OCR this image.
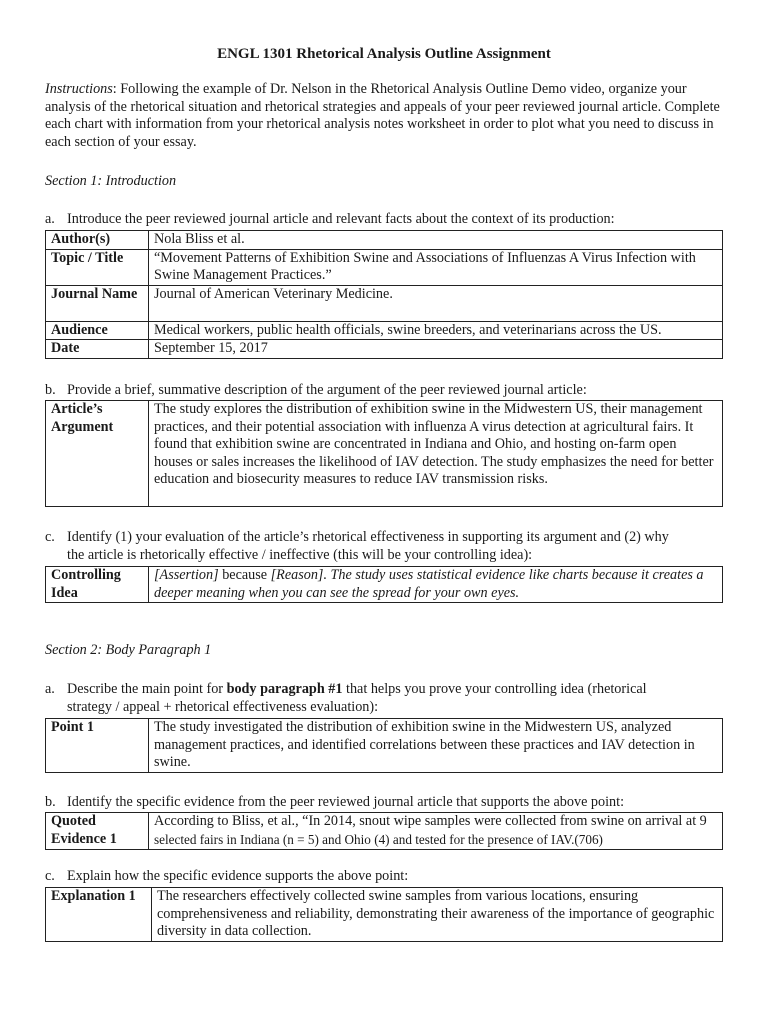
ENGL 1301 Rhetorical Analysis Outline Assignment
Instructions: Following the example of Dr. Nelson in the Rhetorical Analysis Outline Demo video, organize your analysis of the rhetorical situation and rhetorical strategies and appeals of your peer reviewed journal article. Complete each chart with information from your rhetorical analysis notes worksheet in order to plot what you need to discuss in each section of your essay.
Section 1: Introduction
a. Introduce the peer reviewed journal article and relevant facts about the context of its production:
Author(s)	Nola Bliss et al.
Topic / Title	“Movement Patterns of Exhibition Swine and Associations of Influenzas A Virus Infection with Swine Management Practices.”
Journal Name	Journal of American Veterinary Medicine.
Audience	Medical workers, public health officials, swine breeders, and veterinarians across the US.
Date	September 15, 2017
b. Provide a brief, summative description of the argument of the peer reviewed journal article:
Article’s Argument	The study explores the distribution of exhibition swine in the Midwestern US, their management practices, and their potential association with influenza A virus detection at agricultural fairs. It found that exhibition swine are concentrated in Indiana and Ohio, and hosting on-farm open houses or sales increases the likelihood of IAV detection. The study emphasizes the need for better education and biosecurity measures to reduce IAV transmission risks.
c. Identify (1) your evaluation of the article’s rhetorical effectiveness in supporting its argument and (2) why
the article is rhetorically effective / ineffective (this will be your controlling idea):
Controlling Idea	[Assertion] because [Reason]. The study uses statistical evidence like charts because it creates a deeper meaning when you can see the spread for your own eyes.
Section 2: Body Paragraph 1
a. Describe the main point for body paragraph #1 that helps you prove your controlling idea (rhetorical
strategy / appeal + rhetorical effectiveness evaluation):
Point 1	The study investigated the distribution of exhibition swine in the Midwestern US, analyzed management practices, and identified correlations between these practices and IAV detection in swine.
b. Identify the specific evidence from the peer reviewed journal article that supports the above point:
Quoted Evidence 1	According to Bliss, et al., “In 2014, snout wipe samples were collected from swine on arrival at 9
selected fairs in Indiana (n = 5) and Ohio (4) and tested for the presence of IAV.(706)
c. Explain how the specific evidence supports the above point:
Explanation 1	The researchers effectively collected swine samples from various locations, ensuring comprehensiveness and reliability, demonstrating their awareness of the importance of geographic diversity in data collection.
